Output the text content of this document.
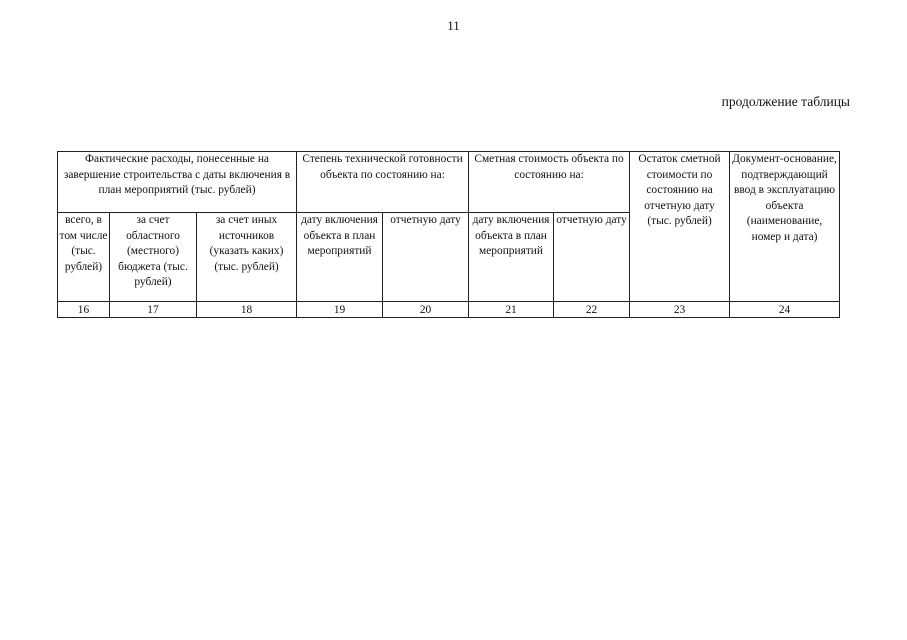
11
продолжение таблицы
Фактические расходы, понесенные на завершение строительства с даты включения в план мероприятий (тыс. рублей)			Степень технической готовности объекта по состоянию на:		Сметная стоимость объекта по состоянию на:		Остаток сметной стоимости по состоянию на отчетную дату (тыс. рублей)	Документ-основание, подтверждающий ввод в эксплуатацию объекта (наименование, номер и дата)
всего, в том числе (тыс. рублей)	за счет областного (местного) бюджета (тыс. рублей)	за счет иных источников (указать каких) (тыс. рублей)	дату включения объекта в план мероприятий	отчетную дату	дату включения объекта в план мероприятий	отчетную дату		
16	17	18	19	20	21	22	23	24
